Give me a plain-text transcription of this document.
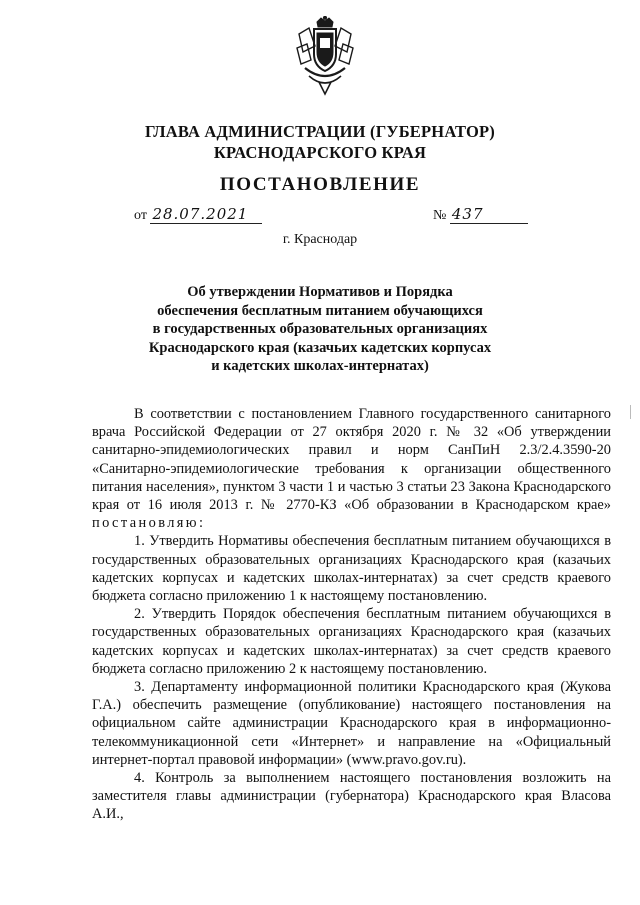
ГЛАВА АДМИНИСТРАЦИИ (ГУБЕРНАТОР)
КРАСНОДАРСКОГО КРАЯ
ПОСТАНОВЛЕНИЕ
от 28.07.2021	№ 437
г. Краснодар
Об утверждении Нормативов и Порядка
обеспечения бесплатным питанием обучающихся
в государственных образовательных организациях
Краснодарского края (казачьих кадетских корпусах
и кадетских школах-интернатах)

В соответствии с постановлением Главного государственного санитарного врача Российской Федерации от 27 октября 2020 г. № 32 «Об утверждении санитарно-эпидемиологических правил и норм СанПиН 2.3/2.4.3590-20 «Санитарно-эпидемиологические требования к организации общественного питания населения», пунктом 3 части 1 и частью 3 статьи 23 Закона Краснодарского края от 16 июля 2013 г. № 2770-КЗ «Об образовании в Краснодарском крае» постановляю:

1. Утвердить Нормативы обеспечения бесплатным питанием обучающихся в государственных образовательных организациях Краснодарского края (казачьих кадетских корпусах и кадетских школах-интернатах) за счет средств краевого бюджета согласно приложению 1 к настоящему постановлению.

2. Утвердить Порядок обеспечения бесплатным питанием обучающихся в государственных образовательных организациях Краснодарского края (казачьих кадетских корпусах и кадетских школах-интернатах) за счет средств краевого бюджета согласно приложению 2 к настоящему постановлению.

3. Департаменту информационной политики Краснодарского края (Жукова Г.А.) обеспечить размещение (опубликование) настоящего постановления на официальном сайте администрации Краснодарского края в информационно-телекоммуникационной сети «Интернет» и направление на «Официальный интернет-портал правовой информации» (www.pravo.gov.ru).

4. Контроль за выполнением настоящего постановления возложить на заместителя главы администрации (губернатора) Краснодарского края Власова А.И.,
